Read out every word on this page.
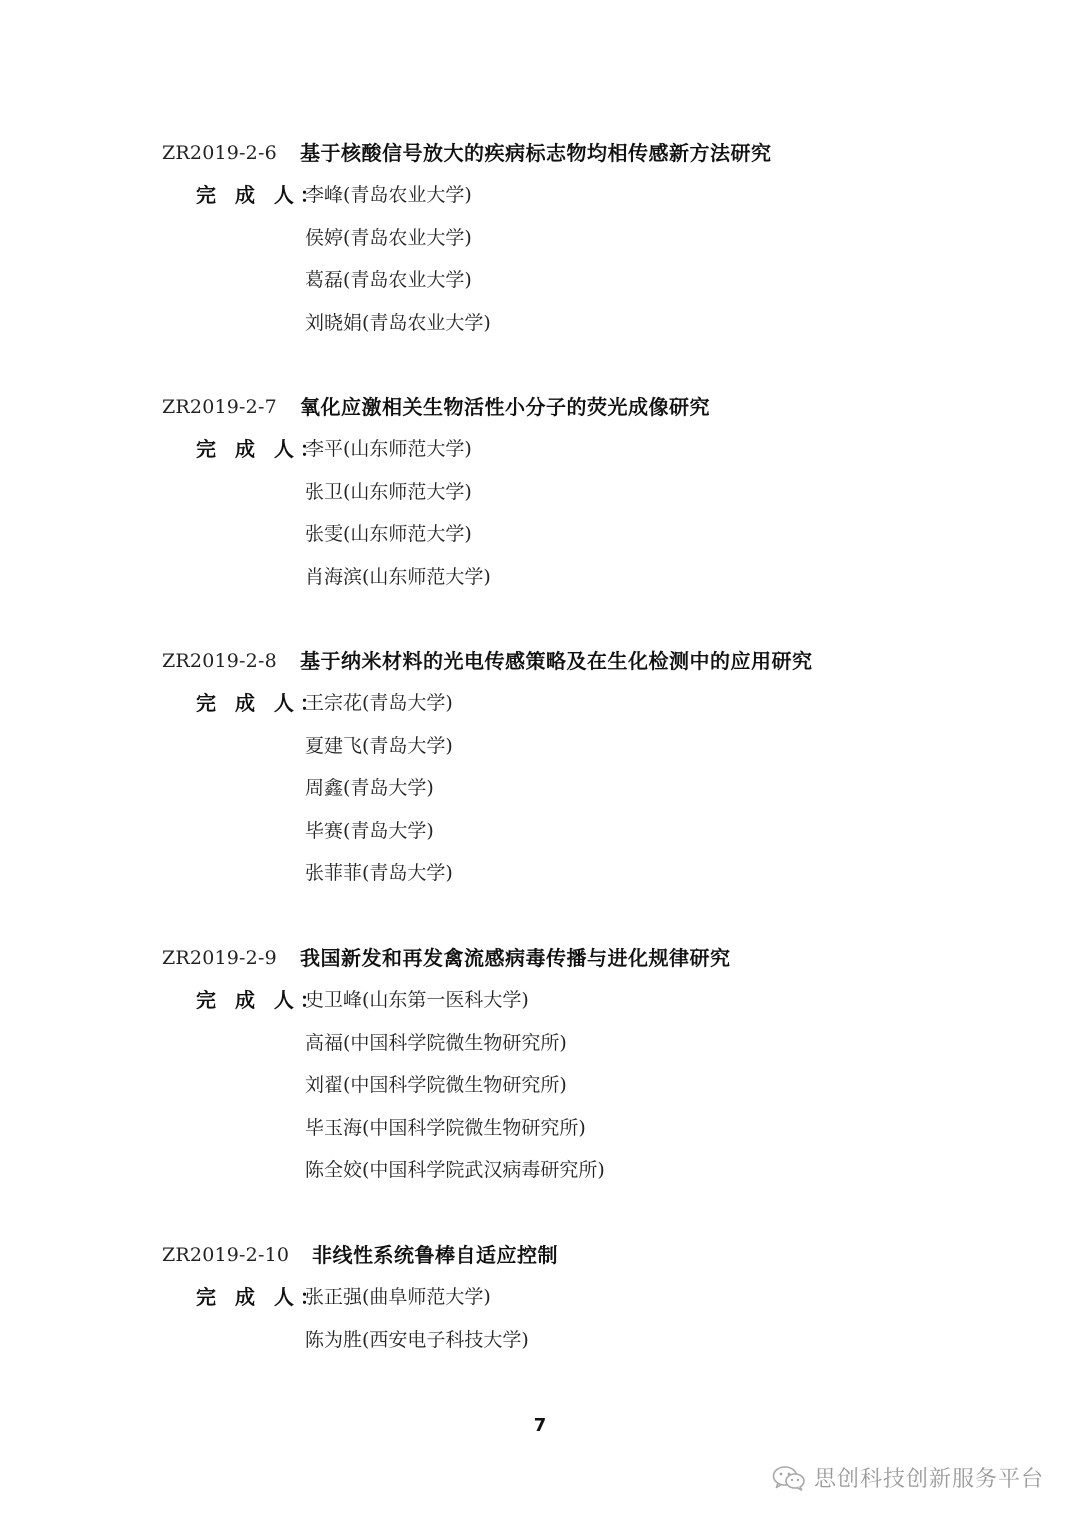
ZR2019-2-6 基于核酸信号放大的疾病标志物均相传感新方法研究
完 成 人：
李峰(青岛农业大学)
侯婷(青岛农业大学)
葛磊(青岛农业大学)
刘晓娟(青岛农业大学)
ZR2019-2-7 氧化应激相关生物活性小分子的荧光成像研究
完 成 人：
李平(山东师范大学)
张卫(山东师范大学)
张雯(山东师范大学)
肖海滨(山东师范大学)
ZR2019-2-8 基于纳米材料的光电传感策略及在生化检测中的应用研究
完 成 人：
王宗花(青岛大学)
夏建飞(青岛大学)
周鑫(青岛大学)
毕赛(青岛大学)
张菲菲(青岛大学)
ZR2019-2-9 我国新发和再发禽流感病毒传播与进化规律研究
完 成 人：
史卫峰(山东第一医科大学)
高福(中国科学院微生物研究所)
刘翟(中国科学院微生物研究所)
毕玉海(中国科学院微生物研究所)
陈全姣(中国科学院武汉病毒研究所)
ZR2019-2-10 非线性系统鲁棒自适应控制
完 成 人：
张正强(曲阜师范大学)
陈为胜(西安电子科技大学)
7
思创科技创新服务平台
